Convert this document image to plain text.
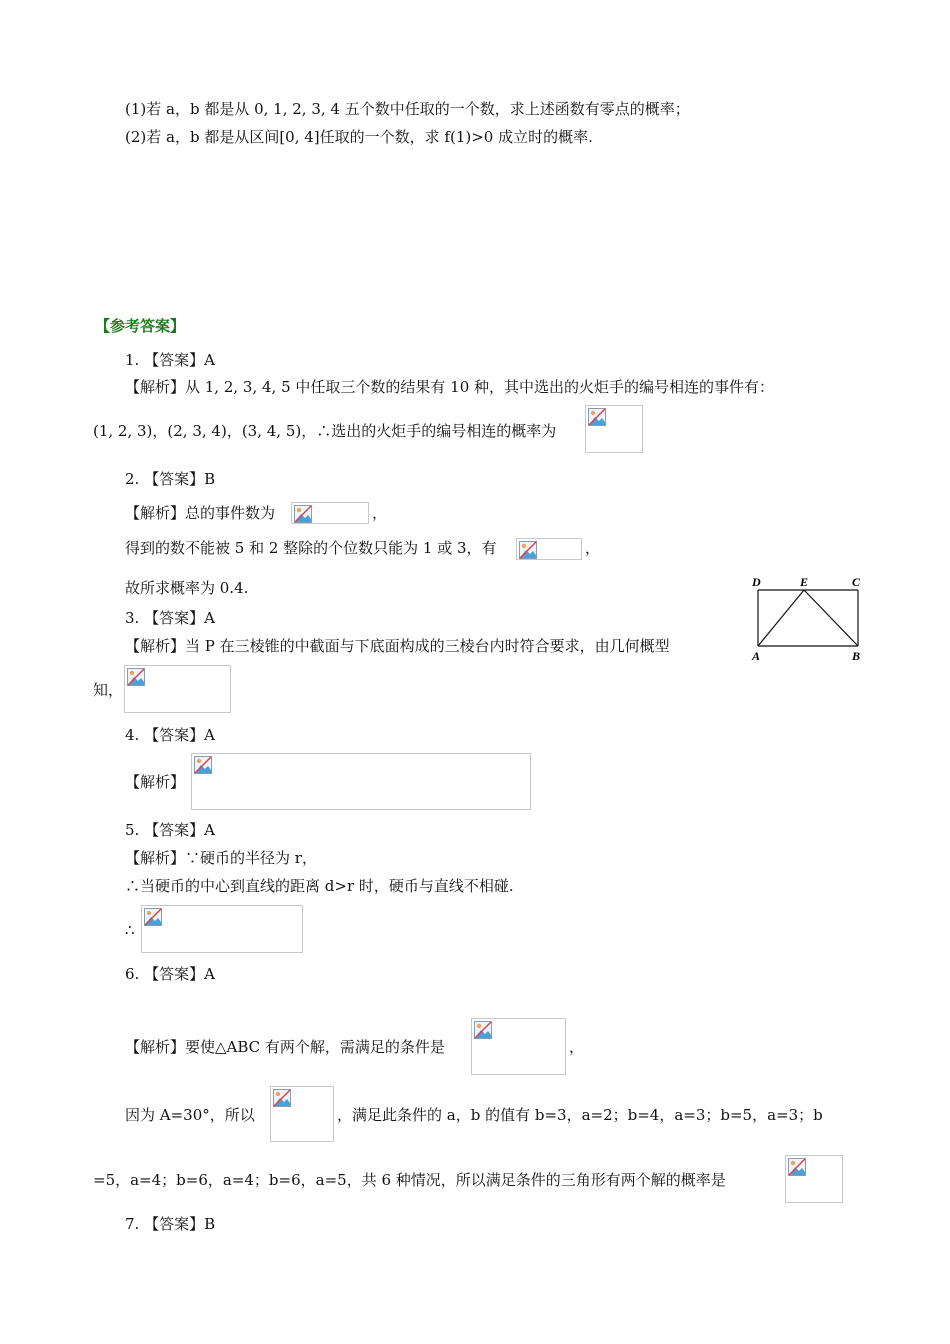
(1)若 a，b 都是从 0, 1, 2, 3, 4 五个数中任取的一个数，求上述函数有零点的概率；
(2)若 a，b 都是从区间[0, 4]任取的一个数，求 f(1)>0 成立时的概率.
【参考答案】
1. 【答案】A
【解析】从 1, 2, 3, 4, 5 中任取三个数的结果有 10 种，其中选出的火炬手的编号相连的事件有：
(1, 2, 3)，(2, 3, 4)，(3, 4, 5)，∴选出的火炬手的编号相连的概率为
2. 【答案】B
【解析】总的事件数为	，
得到的数不能被 5 和 2 整除的个位数只能为 1 或 3，有	，
故所求概率为 0.4.	D	E	C
A	B
3. 【答案】A
【解析】当 P 在三棱锥的中截面与下底面构成的三棱台内时符合要求，由几何概型
知，
4. 【答案】A
【解析】
5. 【答案】A
【解析】∵硬币的半径为 r，
∴当硬币的中心到直线的距离 d>r 时，硬币与直线不相碰.
∴
6. 【答案】A
【解析】要使△ABC 有两个解，需满足的条件是	，
因为 A=30°，所以	，满足此条件的 a，b 的值有 b=3，a=2；b=4，a=3；b=5，a=3；b
=5，a=4；b=6，a=4；b=6，a=5，共 6 种情况，所以满足条件的三角形有两个解的概率是
7. 【答案】B
